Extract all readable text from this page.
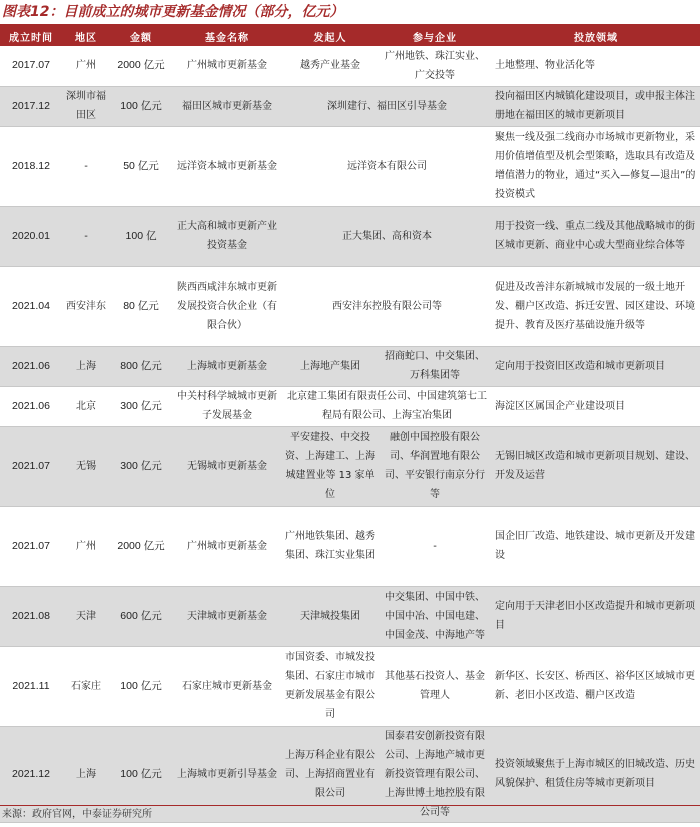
图表12：目前成立的城市更新基金情况（部分，亿元）
成立时间	地区	金额	基金名称	发起人	参与企业	投放领域
2017.07	广州	2000 亿元	广州城市更新基金	越秀产业基金	广州地铁、珠江实业、广交投等	土地整理、物业活化等
2017.12	深圳市福田区	100 亿元	福田区城市更新基金	深圳建行、福田区引导基金		投向福田区内城镇化建设项目，或申报主体注册地在福田区的城市更新项目
2018.12	-	50 亿元	远洋资本城市更新基金	远洋资本有限公司		聚焦一线及强二线商办市场城市更新物业，采用价值增值型及机会型策略，选取具有改造及增值潜力的物业，通过“买入—修复—退出”的投资模式
2020.01	-	100 亿	正大高和城市更新产业投资基金	正大集团、高和资本		用于投资一线、重点二线及其他战略城市的街区城市更新、商业中心或大型商业综合体等
2021.04	西安沣东	80 亿元	陕西西咸沣东城市更新发展投资合伙企业（有限合伙）	西安沣东控股有限公司等		促进及改善沣东新城城市发展的一级土地开发、棚户区改造、拆迁安置、园区建设、环境提升、教育及医疗基础设施升级等
2021.06	上海	800 亿元	上海城市更新基金	上海地产集团	招商蛇口、中交集团、万科集团等	定向用于投资旧区改造和城市更新项目
2021.06	北京	300 亿元	中关村科学城城市更新子发展基金	北京建工集团有限责任公司、中国建筑第七工程局有限公司、上海宝冶集团		海淀区区属国企产业建设项目
2021.07	无锡	300 亿元	无锡城市更新基金	平安建投、中交投资、上海建工、上海城建置业等 13 家单位	融创中国控股有限公司、华润置地有限公司、平安银行南京分行等	无锡旧城区改造和城市更新项目规划、建设、开发及运营
2021.07	广州	2000 亿元	广州城市更新基金	广州地铁集团、越秀集团、珠江实业集团	-	国企旧厂改造、地铁建设、城市更新及开发建设
2021.08	天津	600 亿元	天津城市更新基金	天津城投集团	中交集团、中国中铁、中国中冶、中国电建、中国金茂、中海地产等	定向用于天津老旧小区改造提升和城市更新项目
2021.11	石家庄	100 亿元	石家庄城市更新基金	市国资委、市城发投集团、石家庄市城市更新发展基金有限公司	其他基石投资人、基金管理人	新华区、长安区、桥西区、裕华区区域城市更新、老旧小区改造、棚户区改造
2021.12	上海	100 亿元	上海城市更新引导基金	上海万科企业有限公司、上海招商置业有限公司	国泰君安创新投资有限公司、上海地产城市更新投资管理有限公司、上海世博土地控股有限公司等	投资领域聚焦于上海市城区的旧城改造、历史风貌保护、租赁住房等城市更新项目
来源：政府官网，中泰证券研究所
